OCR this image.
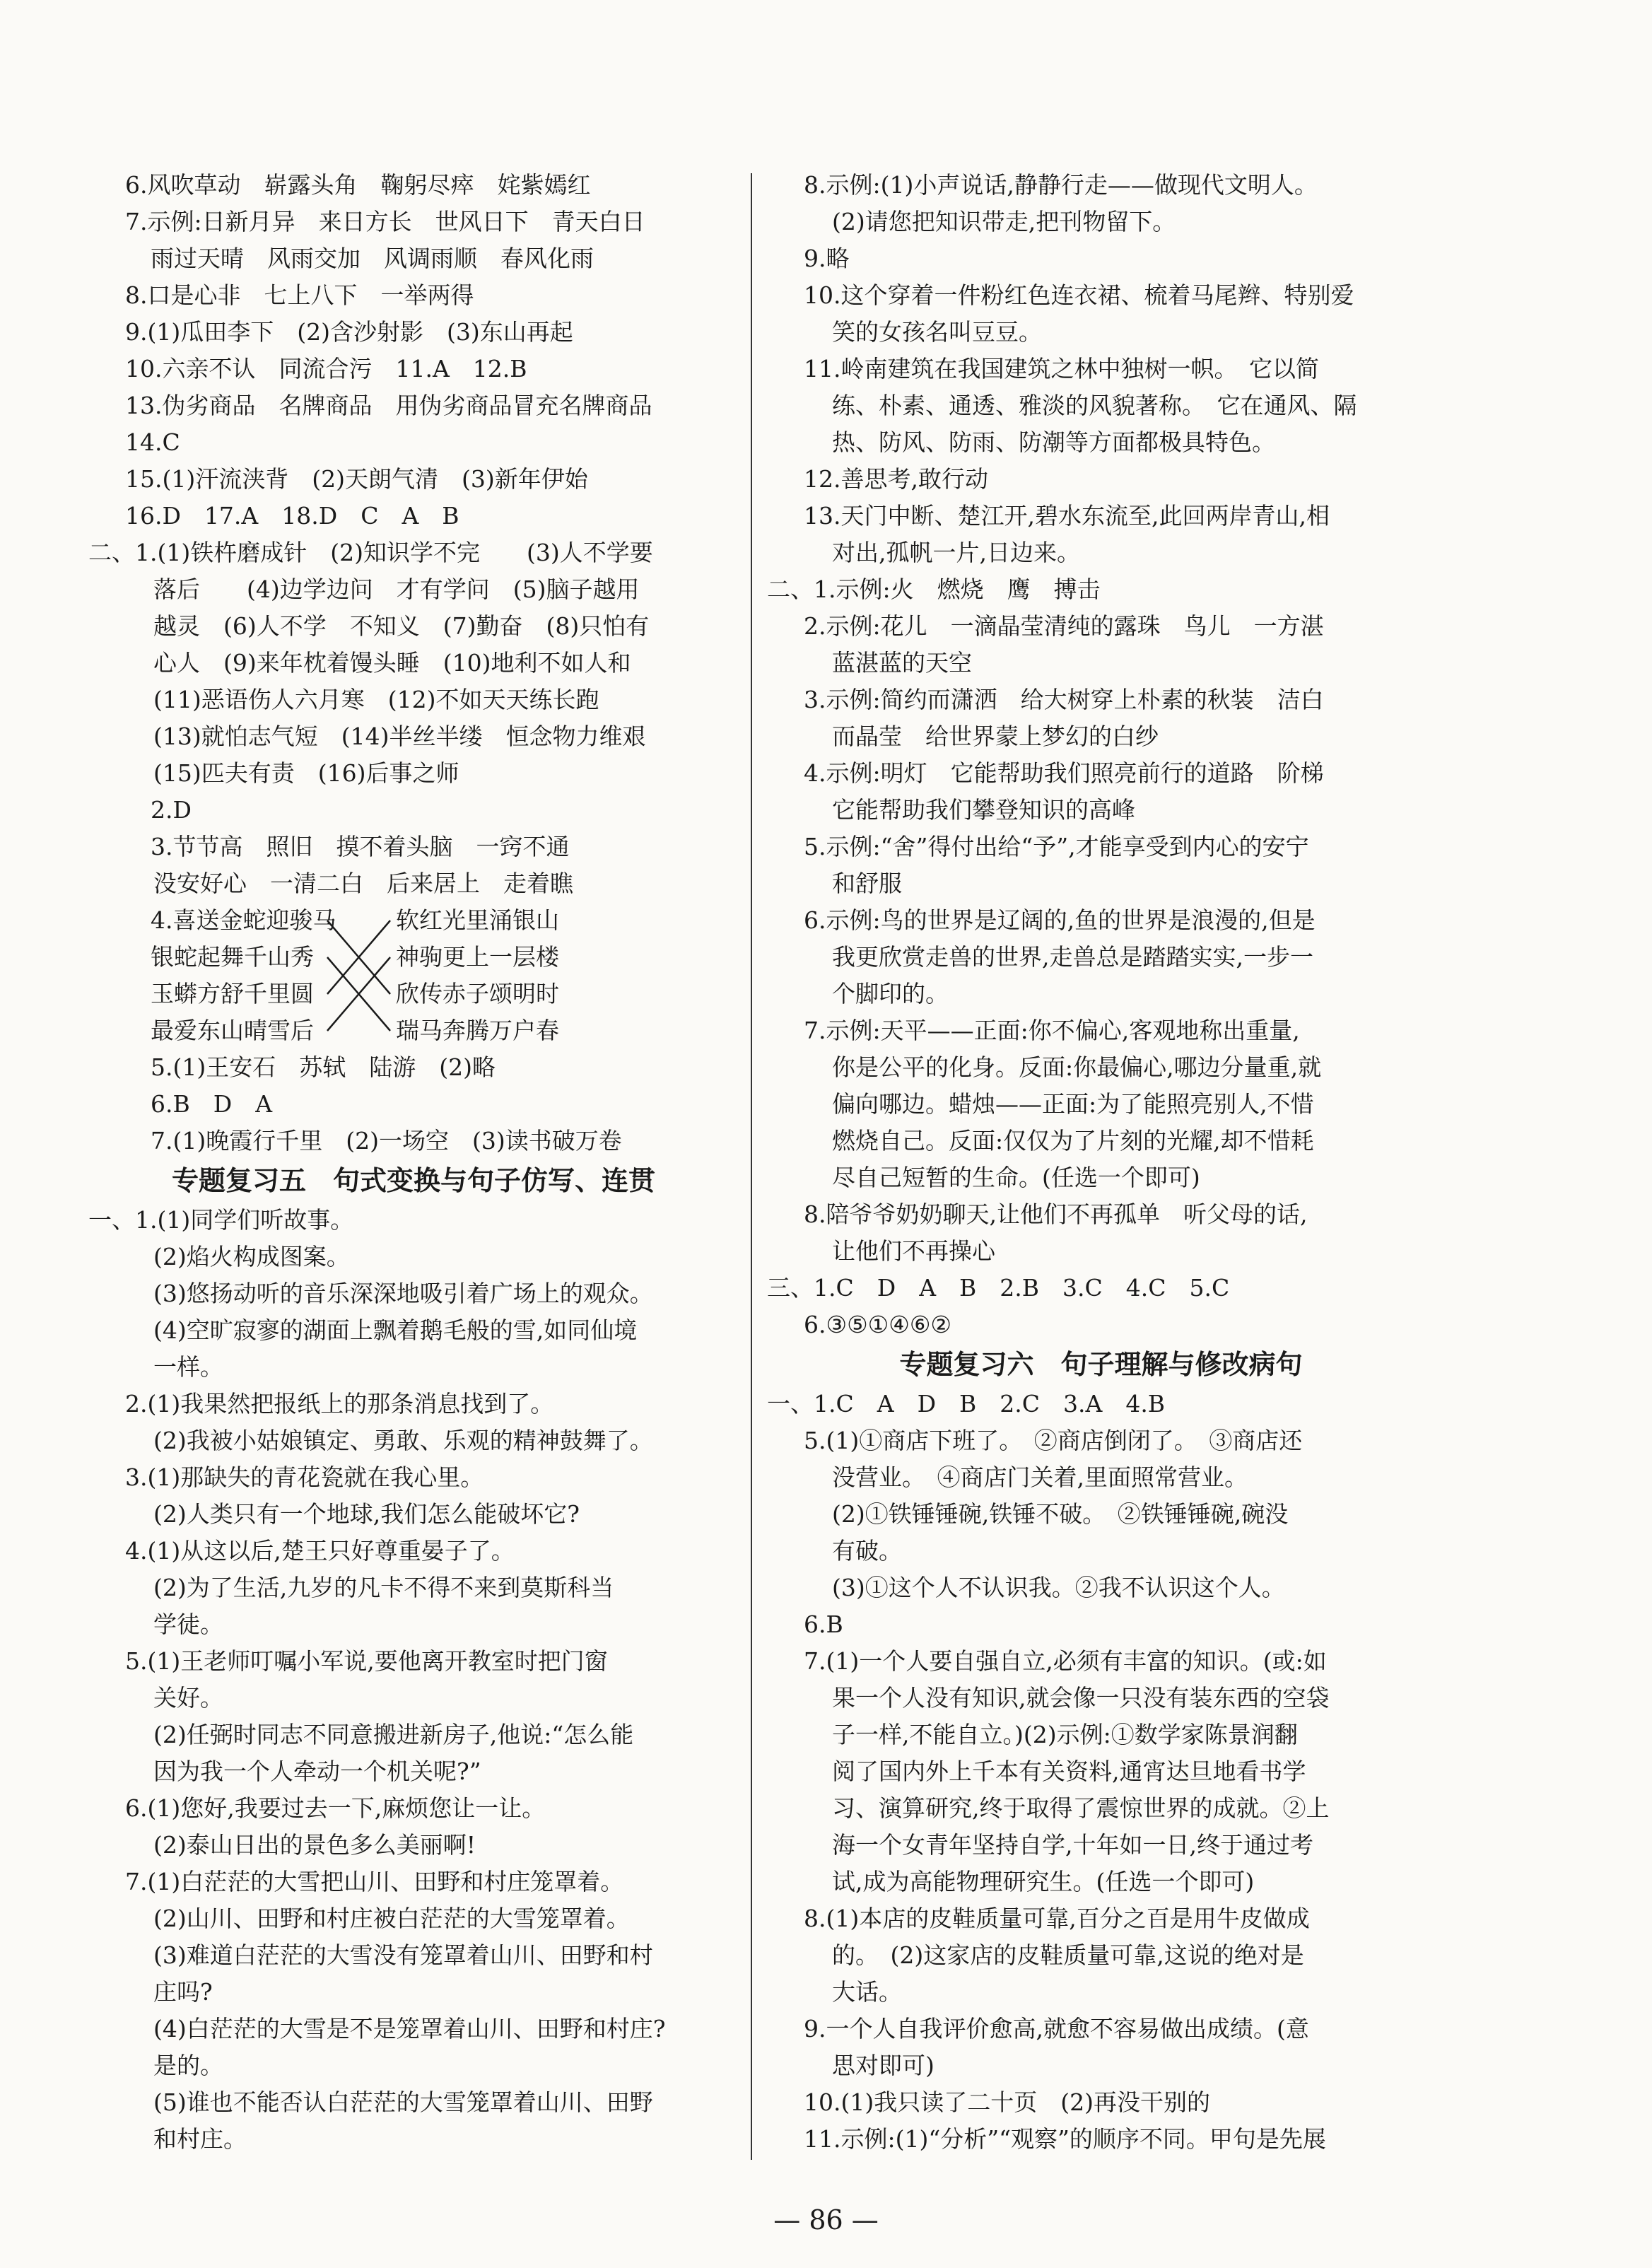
6.风吹草动　崭露头角　鞠躬尽瘁　姹紫嫣红
7.示例:日新月异　来日方长　世风日下　青天白日
雨过天晴　风雨交加　风调雨顺　春风化雨
8.口是心非　七上八下　一举两得
9.(1)瓜田李下　(2)含沙射影　(3)东山再起
10.六亲不认　同流合污　11.A　12.B
13.伪劣商品　名牌商品　用伪劣商品冒充名牌商品
14.C
15.(1)汗流浃背　(2)天朗气清　(3)新年伊始
16.D　17.A　18.D　C　A　B
二、1.(1)铁杵磨成针　(2)知识学不完　　(3)人不学要
落后　　(4)边学边问　才有学问　(5)脑子越用
越灵　(6)人不学　不知义　(7)勤奋　(8)只怕有
心人　(9)来年枕着馒头睡　(10)地利不如人和
(11)恶语伤人六月寒　(12)不如天天练长跑
(13)就怕志气短　(14)半丝半缕　恒念物力维艰
(15)匹夫有责　(16)后事之师
2.D
3.节节高　照旧　摸不着头脑　一窍不通
没安好心　一清二白　后来居上　走着瞧
4.喜送金蛇迎骏马
银蛇起舞千山秀
玉蟒方舒千里圆
最爱东山晴雪后
软红光里涌银山
神驹更上一层楼
欣传赤子颂明时
瑞马奔腾万户春
5.(1)王安石　苏轼　陆游　(2)略
6.B　D　A
7.(1)晚霞行千里　(2)一场空　(3)读书破万卷
专题复习五　句式变换与句子仿写、连贯
一、1.(1)同学们听故事。
(2)焰火构成图案。
(3)悠扬动听的音乐深深地吸引着广场上的观众。
(4)空旷寂寥的湖面上飘着鹅毛般的雪,如同仙境
一样。
2.(1)我果然把报纸上的那条消息找到了。
(2)我被小姑娘镇定、勇敢、乐观的精神鼓舞了。
3.(1)那缺失的青花瓷就在我心里。
(2)人类只有一个地球,我们怎么能破坏它?
4.(1)从这以后,楚王只好尊重晏子了。
(2)为了生活,九岁的凡卡不得不来到莫斯科当
学徒。
5.(1)王老师叮嘱小军说,要他离开教室时把门窗
关好。
(2)任弼时同志不同意搬进新房子,他说:“怎么能
因为我一个人牵动一个机关呢?”
6.(1)您好,我要过去一下,麻烦您让一让。
(2)泰山日出的景色多么美丽啊!
7.(1)白茫茫的大雪把山川、田野和村庄笼罩着。
(2)山川、田野和村庄被白茫茫的大雪笼罩着。
(3)难道白茫茫的大雪没有笼罩着山川、田野和村
庄吗?
(4)白茫茫的大雪是不是笼罩着山川、田野和村庄?
是的。
(5)谁也不能否认白茫茫的大雪笼罩着山川、田野
和村庄。
8.示例:(1)小声说话,静静行走——做现代文明人。
(2)请您把知识带走,把刊物留下。
9.略
10.这个穿着一件粉红色连衣裙、梳着马尾辫、特别爱
笑的女孩名叫豆豆。
11.岭南建筑在我国建筑之林中独树一帜。　它以简
练、朴素、通透、雅淡的风貌著称。　它在通风、隔
热、防风、防雨、防潮等方面都极具特色。
12.善思考,敢行动
13.天门中断、楚江开,碧水东流至,此回两岸青山,相
对出,孤帆一片,日边来。
二、1.示例:火　燃烧　鹰　搏击
2.示例:花儿　一滴晶莹清纯的露珠　鸟儿　一方湛
蓝湛蓝的天空
3.示例:简约而潇洒　给大树穿上朴素的秋装　洁白
而晶莹　给世界蒙上梦幻的白纱
4.示例:明灯　它能帮助我们照亮前行的道路　阶梯
它能帮助我们攀登知识的高峰
5.示例:“舍”得付出给“予”,才能享受到内心的安宁
和舒服
6.示例:鸟的世界是辽阔的,鱼的世界是浪漫的,但是
我更欣赏走兽的世界,走兽总是踏踏实实,一步一
个脚印的。
7.示例:天平——正面:你不偏心,客观地称出重量,
你是公平的化身。反面:你最偏心,哪边分量重,就
偏向哪边。蜡烛——正面:为了能照亮别人,不惜
燃烧自己。反面:仅仅为了片刻的光耀,却不惜耗
尽自己短暂的生命。(任选一个即可)
8.陪爷爷奶奶聊天,让他们不再孤单　听父母的话,
让他们不再操心
三、1.C　D　A　B　2.B　3.C　4.C　5.C
6.③⑤①④⑥②
专题复习六　句子理解与修改病句
一、1.C　A　D　B　2.C　3.A　4.B
5.(1)①商店下班了。　②商店倒闭了。　③商店还
没营业。　④商店门关着,里面照常营业。
(2)①铁锤锤碗,铁锤不破。　②铁锤锤碗,碗没
有破。
(3)①这个人不认识我。②我不认识这个人。
6.B
7.(1)一个人要自强自立,必须有丰富的知识。(或:如
果一个人没有知识,就会像一只没有装东西的空袋
子一样,不能自立。)(2)示例:①数学家陈景润翻
阅了国内外上千本有关资料,通宵达旦地看书学
习、演算研究,终于取得了震惊世界的成就。②上
海一个女青年坚持自学,十年如一日,终于通过考
试,成为高能物理研究生。(任选一个即可)
8.(1)本店的皮鞋质量可靠,百分之百是用牛皮做成
的。　(2)这家店的皮鞋质量可靠,这说的绝对是
大话。
9.一个人自我评价愈高,就愈不容易做出成绩。(意
思对即可)
10.(1)我只读了二十页　(2)再没干别的
11.示例:(1)“分析”“观察”的顺序不同。甲句是先展
— 86 —
